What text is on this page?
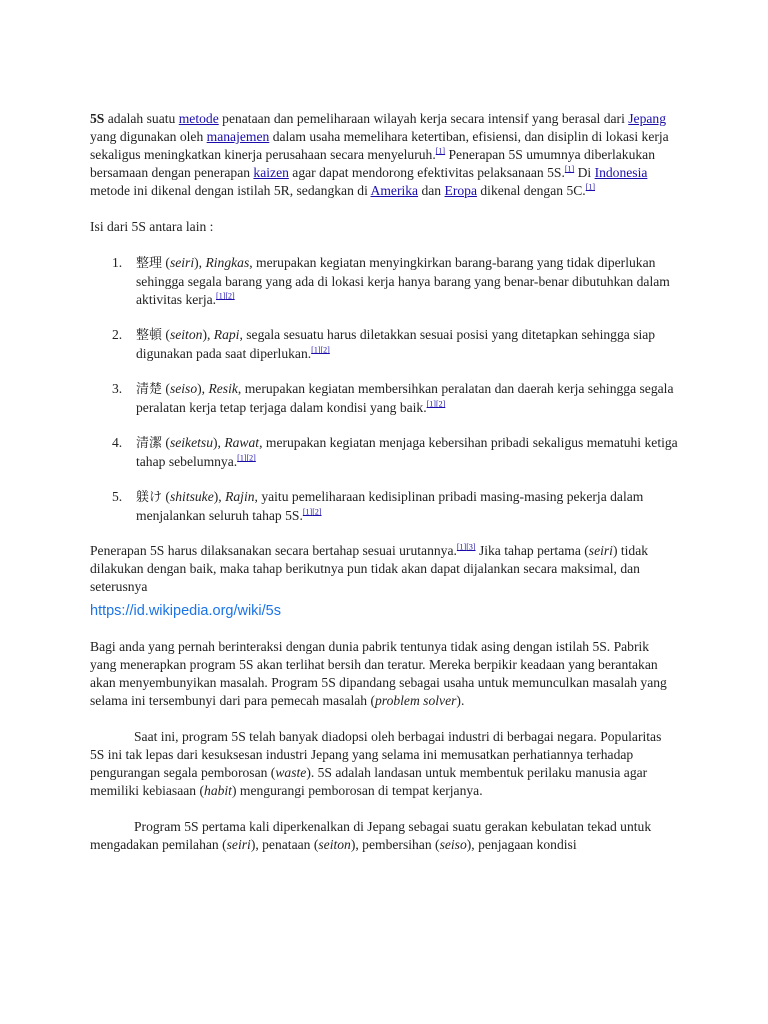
5S adalah suatu metode penataan dan pemeliharaan wilayah kerja secara intensif yang berasal dari Jepang yang digunakan oleh manajemen dalam usaha memelihara ketertiban, efisiensi, dan disiplin di lokasi kerja sekaligus meningkatkan kinerja perusahaan secara menyeluruh.[1] Penerapan 5S umumnya diberlakukan bersamaan dengan penerapan kaizen agar dapat mendorong efektivitas pelaksanaan 5S.[1] Di Indonesia metode ini dikenal dengan istilah 5R, sedangkan di Amerika dan Eropa dikenal dengan 5C.[1]

Isi dari 5S antara lain :

1. 整理 (seiri), Ringkas, merupakan kegiatan menyingkirkan barang-barang yang tidak diperlukan sehingga segala barang yang ada di lokasi kerja hanya barang yang benar-benar dibutuhkan dalam aktivitas kerja.[1][2]
2. 整頓 (seiton), Rapi, segala sesuatu harus diletakkan sesuai posisi yang ditetapkan sehingga siap digunakan pada saat diperlukan.[1][2]
3. 清楚 (seiso), Resik, merupakan kegiatan membersihkan peralatan dan daerah kerja sehingga segala peralatan kerja tetap terjaga dalam kondisi yang baik.[1][2]
4. 清潔 (seiketsu), Rawat, merupakan kegiatan menjaga kebersihan pribadi sekaligus mematuhi ketiga tahap sebelumnya.[1][2]
5. 躾け (shitsuke), Rajin, yaitu pemeliharaan kedisiplinan pribadi masing-masing pekerja dalam menjalankan seluruh tahap 5S.[1][2]

Penerapan 5S harus dilaksanakan secara bertahap sesuai urutannya.[1][3] Jika tahap pertama (seiri) tidak dilakukan dengan baik, maka tahap berikutnya pun tidak akan dapat dijalankan secara maksimal, dan seterusnya

https://id.wikipedia.org/wiki/5s

Bagi anda yang pernah berinteraksi dengan dunia pabrik tentunya tidak asing dengan istilah 5S. Pabrik yang menerapkan program 5S akan terlihat bersih dan teratur. Mereka berpikir keadaan yang berantakan akan menyembunyikan masalah. Program 5S dipandang sebagai usaha untuk memunculkan masalah yang selama ini tersembunyi dari para pemecah masalah (problem solver).

Saat ini, program 5S telah banyak diadopsi oleh berbagai industri di berbagai negara. Popularitas 5S ini tak lepas dari kesuksesan industri Jepang yang selama ini memusatkan perhatiannya terhadap pengurangan segala pemborosan (waste). 5S adalah landasan untuk membentuk perilaku manusia agar memiliki kebiasaan (habit) mengurangi pemborosan di tempat kerjanya.

Program 5S pertama kali diperkenalkan di Jepang sebagai suatu gerakan kebulatan tekad untuk mengadakan pemilahan (seiri), penataan (seiton), pembersihan (seiso), penjagaan kondisi
